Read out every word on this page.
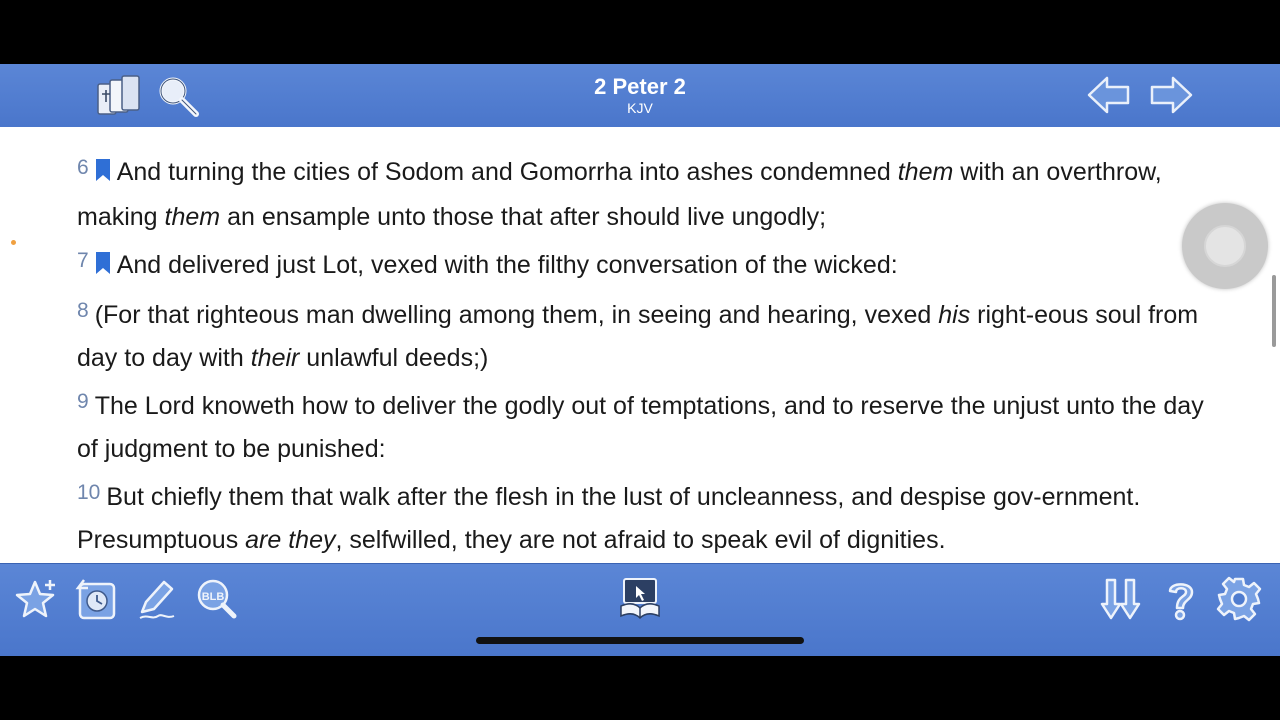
2 Peter 2
KJV

$^6$ And turning the cities of Sodom and Gomorrha into ashes condemned them with an overthrow, making them an ensample unto those that after should live ungodly;

$^7$ And delivered just Lot, vexed with the filthy conversation of the wicked:

$^8$ (For that righteous man dwelling among them, in seeing and hearing, vexed his right-eous soul from day to day with their unlawful deeds;)

$^9$ The Lord knoweth how to deliver the godly out of temptations, and to reserve the unjust unto the day of judgment to be punished:

$^{10}$ But chiefly them that walk after the flesh in the lust of uncleanness, and despise gov-ernment. Presumptuous are they, selfwilled, they are not afraid to speak evil of dignities.

BLB
